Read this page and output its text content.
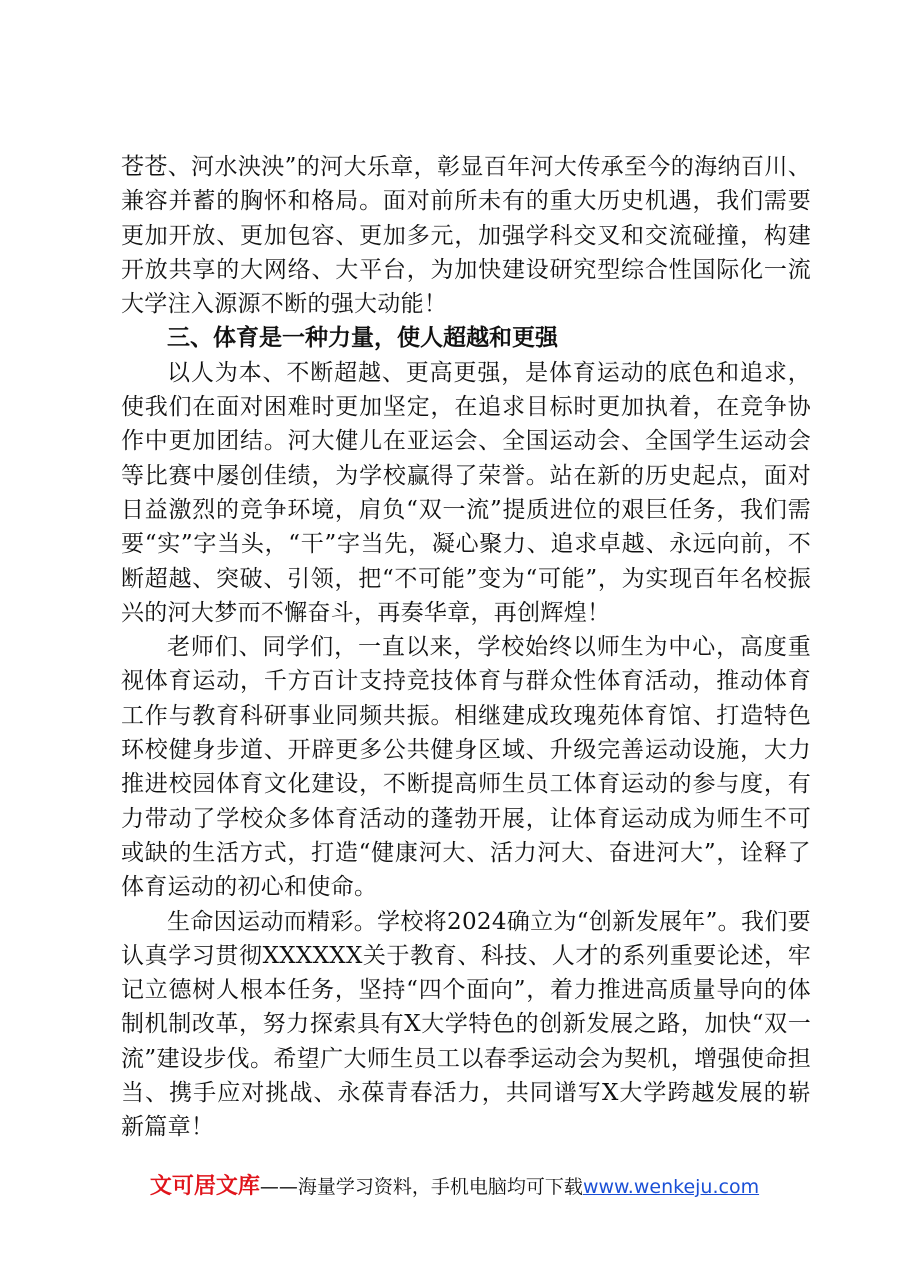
苍苍、河水泱泱”的河大乐章，彰显百年河大传承至今的海纳百川、兼容并蓄的胸怀和格局。面对前所未有的重大历史机遇，我们需要更加开放、更加包容、更加多元，加强学科交叉和交流碰撞，构建开放共享的大网络、大平台，为加快建设研究型综合性国际化一流大学注入源源不断的强大动能！

三、体育是一种力量，使人超越和更强

以人为本、不断超越、更高更强，是体育运动的底色和追求，使我们在面对困难时更加坚定，在追求目标时更加执着，在竞争协作中更加团结。河大健儿在亚运会、全国运动会、全国学生运动会等比赛中屡创佳绩，为学校赢得了荣誉。站在新的历史起点，面对日益激烈的竞争环境，肩负“双一流”提质进位的艰巨任务，我们需要“实”字当头，“干”字当先，凝心聚力、追求卓越、永远向前，不断超越、突破、引领，把“不可能”变为“可能”，为实现百年名校振兴的河大梦而不懈奋斗，再奏华章，再创辉煌！

老师们、同学们，一直以来，学校始终以师生为中心，高度重视体育运动，千方百计支持竞技体育与群众性体育活动，推动体育工作与教育科研事业同频共振。相继建成玫瑰苑体育馆、打造特色环校健身步道、开辟更多公共健身区域、升级完善运动设施，大力推进校园体育文化建设，不断提高师生员工体育运动的参与度，有力带动了学校众多体育活动的蓬勃开展，让体育运动成为师生不可或缺的生活方式，打造“健康河大、活力河大、奋进河大”，诠释了体育运动的初心和使命。

生命因运动而精彩。学校将2024确立为“创新发展年”。我们要认真学习贯彻XXXXXX关于教育、科技、人才的系列重要论述，牢记立德树人根本任务，坚持“四个面向”，着力推进高质量导向的体制机制改革，努力探索具有X大学特色的创新发展之路，加快“双一流”建设步伐。希望广大师生员工以春季运动会为契机，增强使命担当、携手应对挑战、永葆青春活力，共同谱写X大学跨越发展的崭新篇章！

文可居文库——海量学习资料，手机电脑均可下载www.wenkeju.com
